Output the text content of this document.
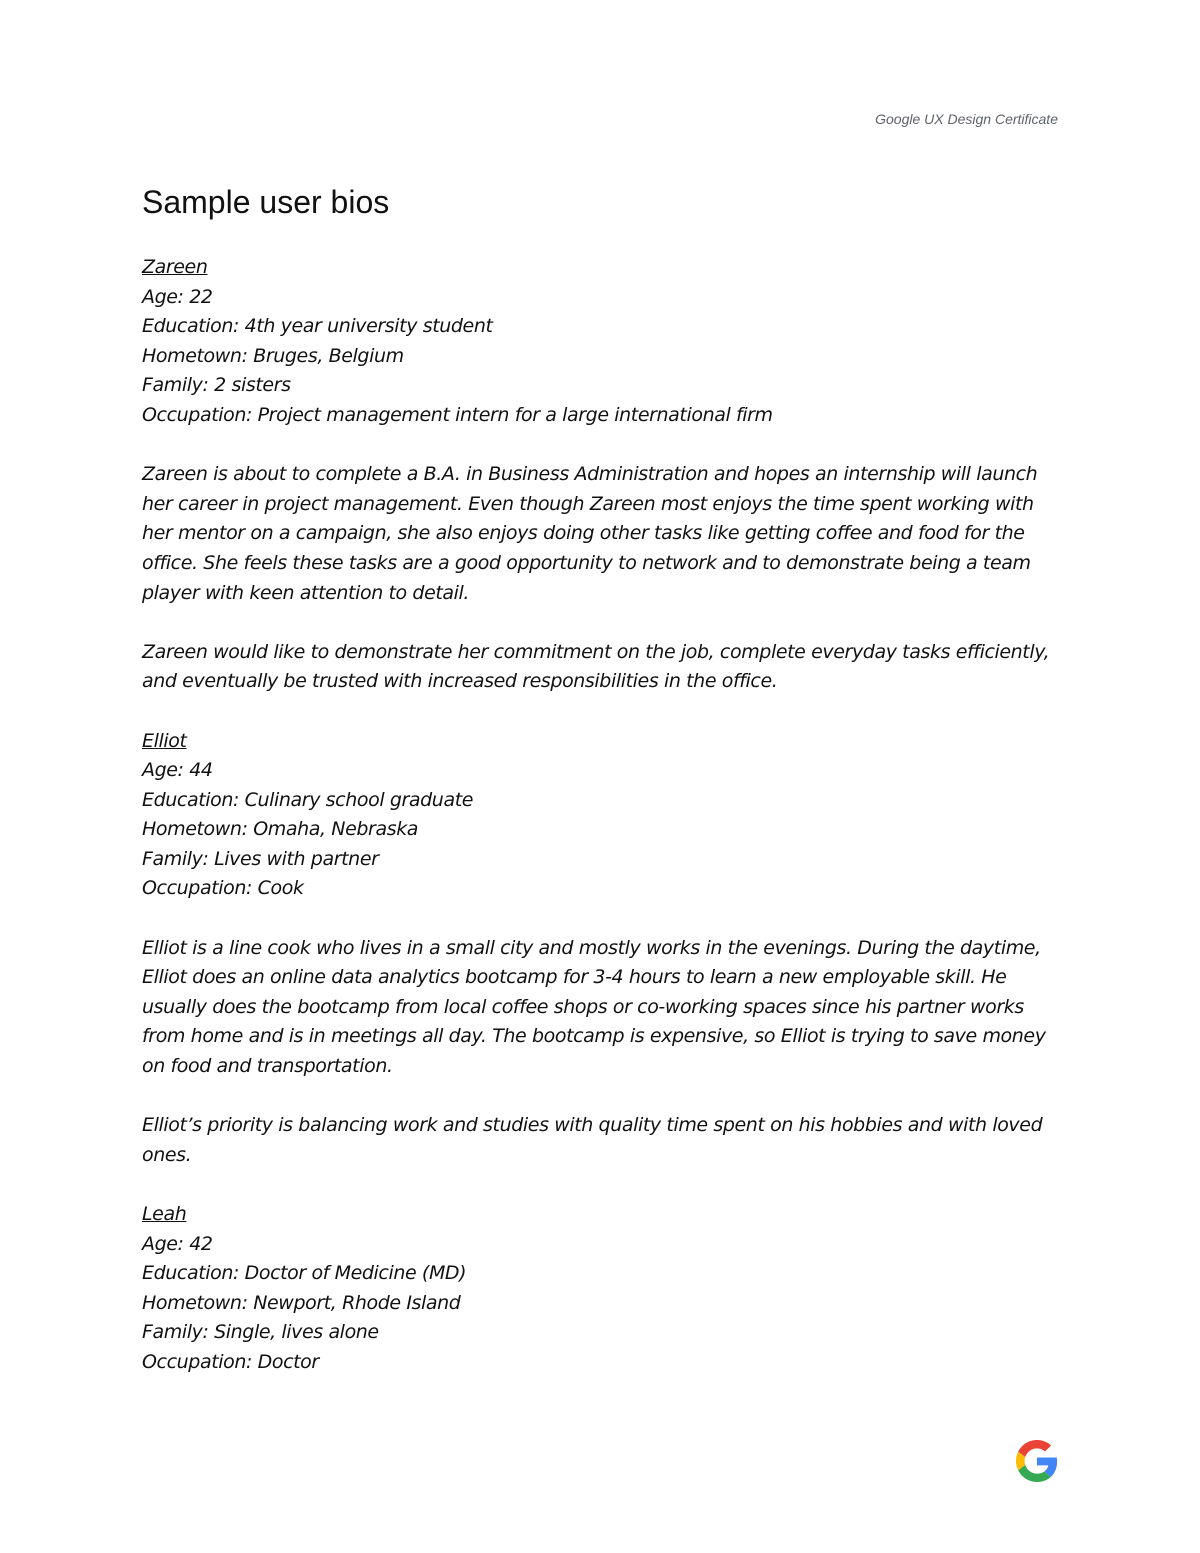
Google UX Design Certificate
Sample user bios
Zareen
Age: 22
Education: 4th year university student
Hometown: Bruges, Belgium
Family: 2 sisters
Occupation: Project management intern for a large international firm
Zareen is about to complete a B.A. in Business Administration and hopes an internship will launch her career in project management. Even though Zareen most enjoys the time spent working with her mentor on a campaign, she also enjoys doing other tasks like getting coffee and food for the office. She feels these tasks are a good opportunity to network and to demonstrate being a team player with keen attention to detail.
Zareen would like to demonstrate her commitment on the job, complete everyday tasks efficiently, and eventually be trusted with increased responsibilities in the office.
Elliot
Age: 44
Education: Culinary school graduate
Hometown: Omaha, Nebraska
Family: Lives with partner
Occupation: Cook
Elliot is a line cook who lives in a small city and mostly works in the evenings. During the daytime, Elliot does an online data analytics bootcamp for 3-4 hours to learn a new employable skill. He usually does the bootcamp from local coffee shops or co-working spaces since his partner works from home and is in meetings all day. The bootcamp is expensive, so Elliot is trying to save money on food and transportation.
Elliot’s priority is balancing work and studies with quality time spent on his hobbies and with loved ones.
Leah
Age: 42
Education: Doctor of Medicine (MD)
Hometown: Newport, Rhode Island
Family: Single, lives alone
Occupation: Doctor
